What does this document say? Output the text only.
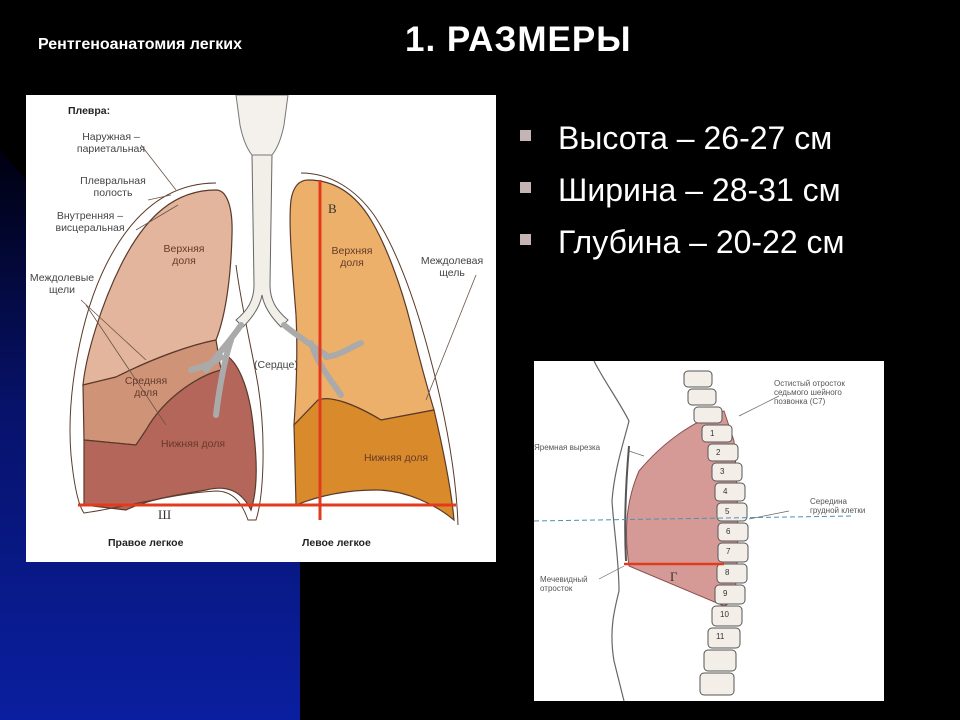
Рентгеноанатомия легких	1. РАЗМЕРЫ
Высота – 26-27 см
Ширина – 28-31 см
Глубина – 20-22 см
Плевра:
Наружная – париетальная
Плевральная полость
Внутренняя – висцеральная
Междолевые щели
Междолевая щель
Верхняя доля
Средняя доля
Нижняя доля
Верхняя доля
Нижняя доля
(Сердце)
В
Ш
Правое легкое	Левое легкое
Остистый отросток седьмого шейного позвонка (С7)
Яремная вырезка
Середина грудной клетки
Мечевидный отросток
Г
1
2
3
4
5
6
7
8
9
10
11
